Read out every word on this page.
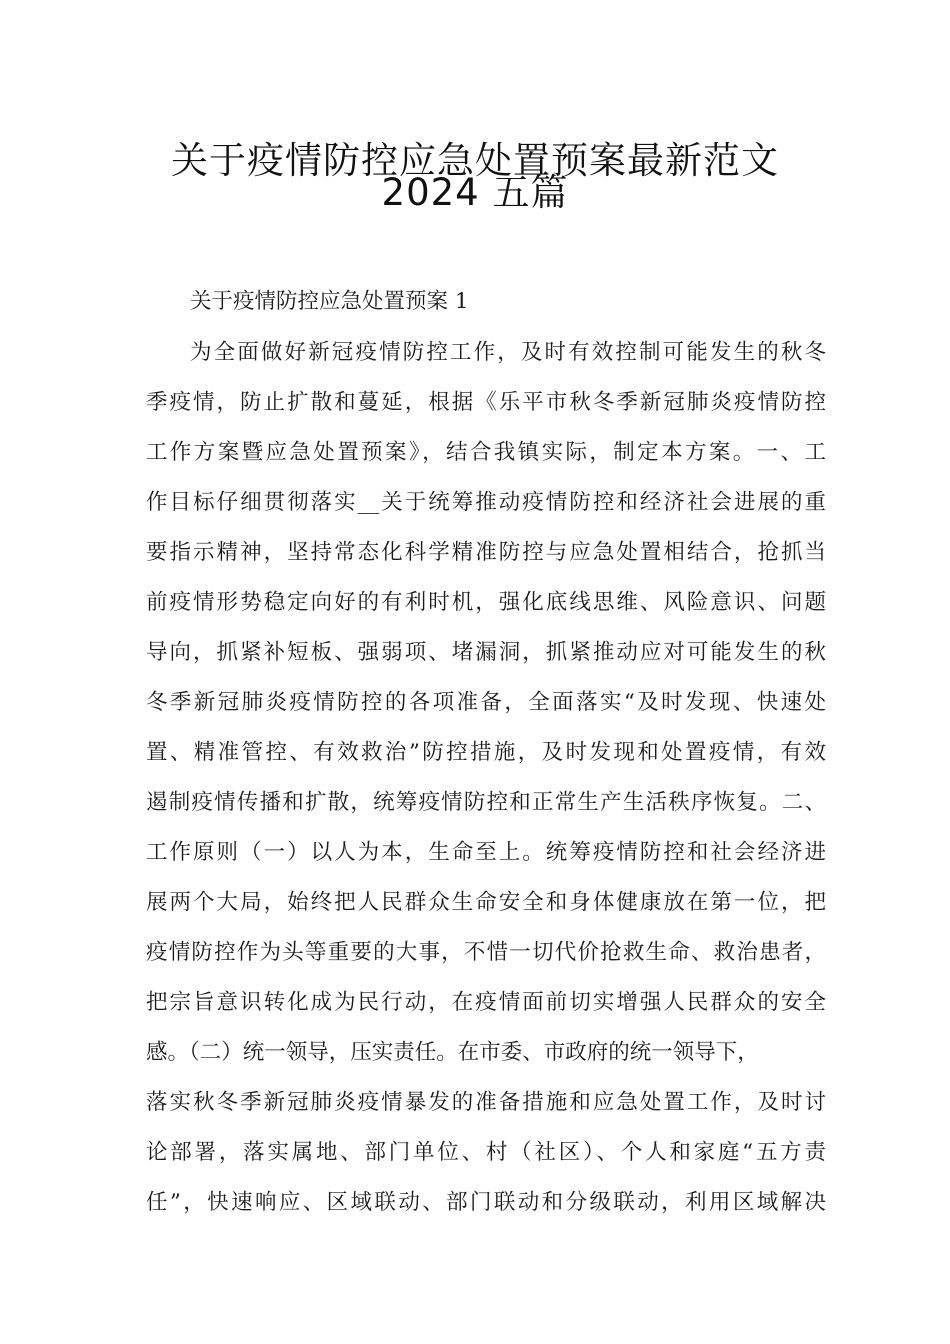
关于疫情防控应急处置预案最新范文
2024 五篇

关于疫情防控应急处置预案 1

为全面做好新冠疫情防控工作，及时有效控制可能发生的秋冬

季疫情，防止扩散和蔓延，根据《乐平市秋冬季新冠肺炎疫情防控

工作方案暨应急处置预案》，结合我镇实际，制定本方案。一、工

作目标仔细贯彻落实__关于统筹推动疫情防控和经济社会进展的重

要指示精神，坚持常态化科学精准防控与应急处置相结合，抢抓当

前疫情形势稳定向好的有利时机，强化底线思维、风险意识、问题

导向，抓紧补短板、强弱项、堵漏洞，抓紧推动应对可能发生的秋

冬季新冠肺炎疫情防控的各项准备，全面落实“及时发现、快速处

置、精准管控、有效救治”防控措施，及时发现和处置疫情，有效

遏制疫情传播和扩散，统筹疫情防控和正常生产生活秩序恢复。二、

工作原则（一）以人为本，生命至上。统筹疫情防控和社会经济进

展两个大局，始终把人民群众生命安全和身体健康放在第一位，把

疫情防控作为头等重要的大事，不惜一切代价抢救生命、救治患者，

把宗旨意识转化成为民行动，在疫情面前切实增强人民群众的安全

感。（二）统一领导，压实责任。在市委、市政府的统一领导下，

落实秋冬季新冠肺炎疫情暴发的准备措施和应急处置工作，及时讨

论部署，落实属地、部门单位、村（社区）、个人和家庭“五方责

任”，快速响应、区域联动、部门联动和分级联动，利用区域解决
